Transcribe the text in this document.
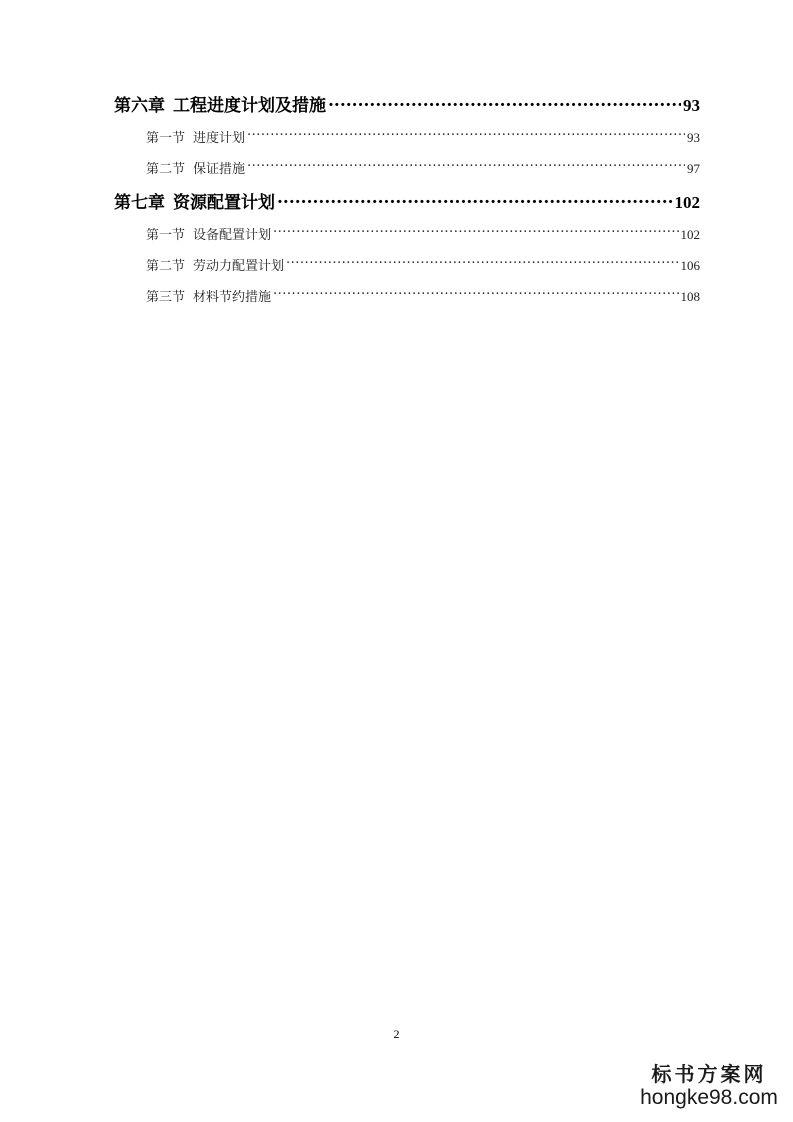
第六章 工程进度计划及措施 .....	93
第一节 进度计划 .....	93
第二节 保证措施 .....	97
第七章 资源配置计划 .....	102
第一节 设备配置计划 .....	102
第二节 劳动力配置计划 .....	106
第三节 材料节约措施 .....	108
2
标书方案网
hongke98.com
